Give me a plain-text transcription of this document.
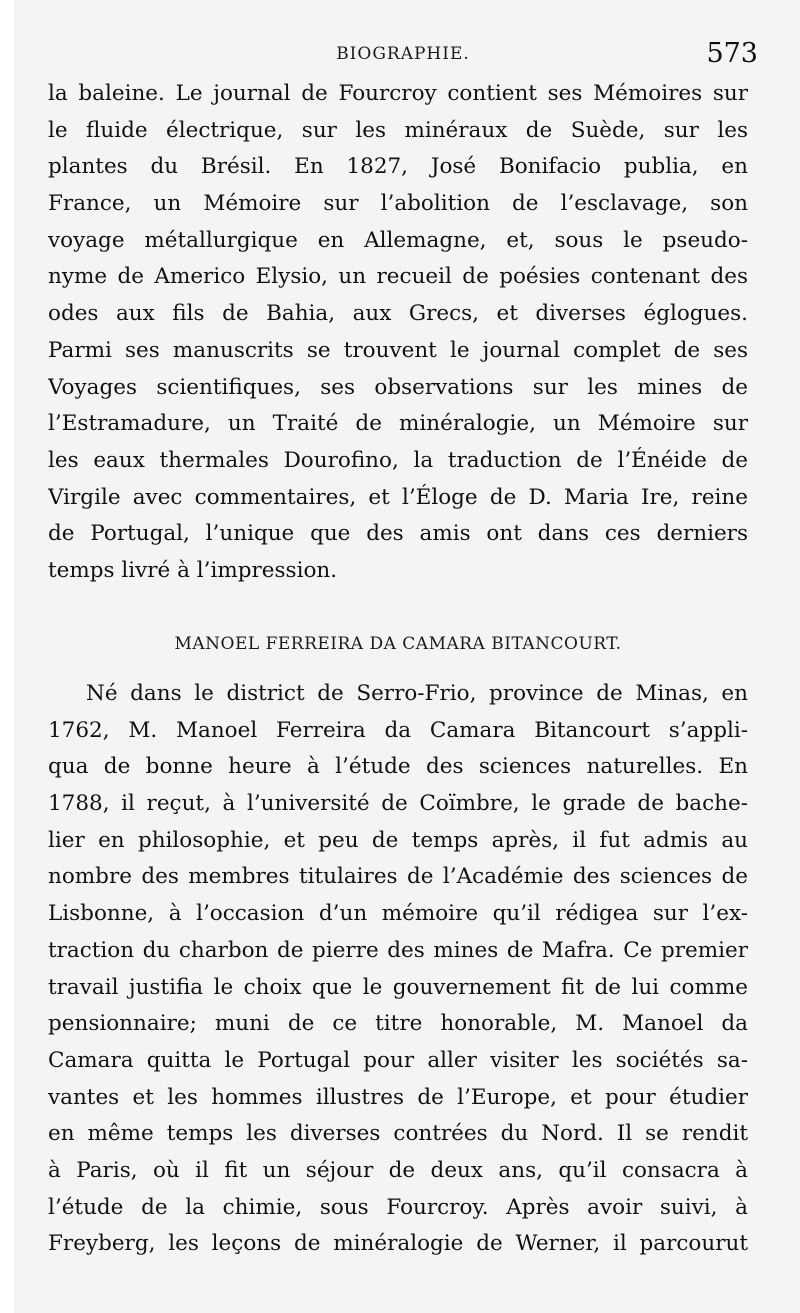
BIOGRAPHIE.	573
la baleine. Le journal de Fourcroy contient ses Mémoires sur
le fluide électrique, sur les minéraux de Suède, sur les
plantes du Brésil. En 1827, José Bonifacio publia, en
France, un Mémoire sur l’abolition de l’esclavage, son
voyage métallurgique en Allemagne, et, sous le pseudo-
nyme de Americo Elysio, un recueil de poésies contenant des
odes aux fils de Bahia, aux Grecs, et diverses églogues.
Parmi ses manuscrits se trouvent le journal complet de ses
Voyages scientifiques, ses observations sur les mines de
l’Estramadure, un Traité de minéralogie, un Mémoire sur
les eaux thermales Dourofino, la traduction de l’Énéide de
Virgile avec commentaires, et l’Éloge de D. Maria Ire, reine
de Portugal, l’unique que des amis ont dans ces derniers
temps livré à l’impression.
MANOEL FERREIRA DA CAMARA BITANCOURT.
Né dans le district de Serro-Frio, province de Minas, en
1762, M. Manoel Ferreira da Camara Bitancourt s’appli-
qua de bonne heure à l’étude des sciences naturelles. En
1788, il reçut, à l’université de Coïmbre, le grade de bache-
lier en philosophie, et peu de temps après, il fut admis au
nombre des membres titulaires de l’Académie des sciences de
Lisbonne, à l’occasion d’un mémoire qu’il rédigea sur l’ex-
traction du charbon de pierre des mines de Mafra. Ce premier
travail justifia le choix que le gouvernement fit de lui comme
pensionnaire; muni de ce titre honorable, M. Manoel da
Camara quitta le Portugal pour aller visiter les sociétés sa-
vantes et les hommes illustres de l’Europe, et pour étudier
en même temps les diverses contrées du Nord. Il se rendit
à Paris, où il fit un séjour de deux ans, qu’il consacra à
l’étude de la chimie, sous Fourcroy. Après avoir suivi, à
Freyberg, les leçons de minéralogie de Werner, il parcourut
